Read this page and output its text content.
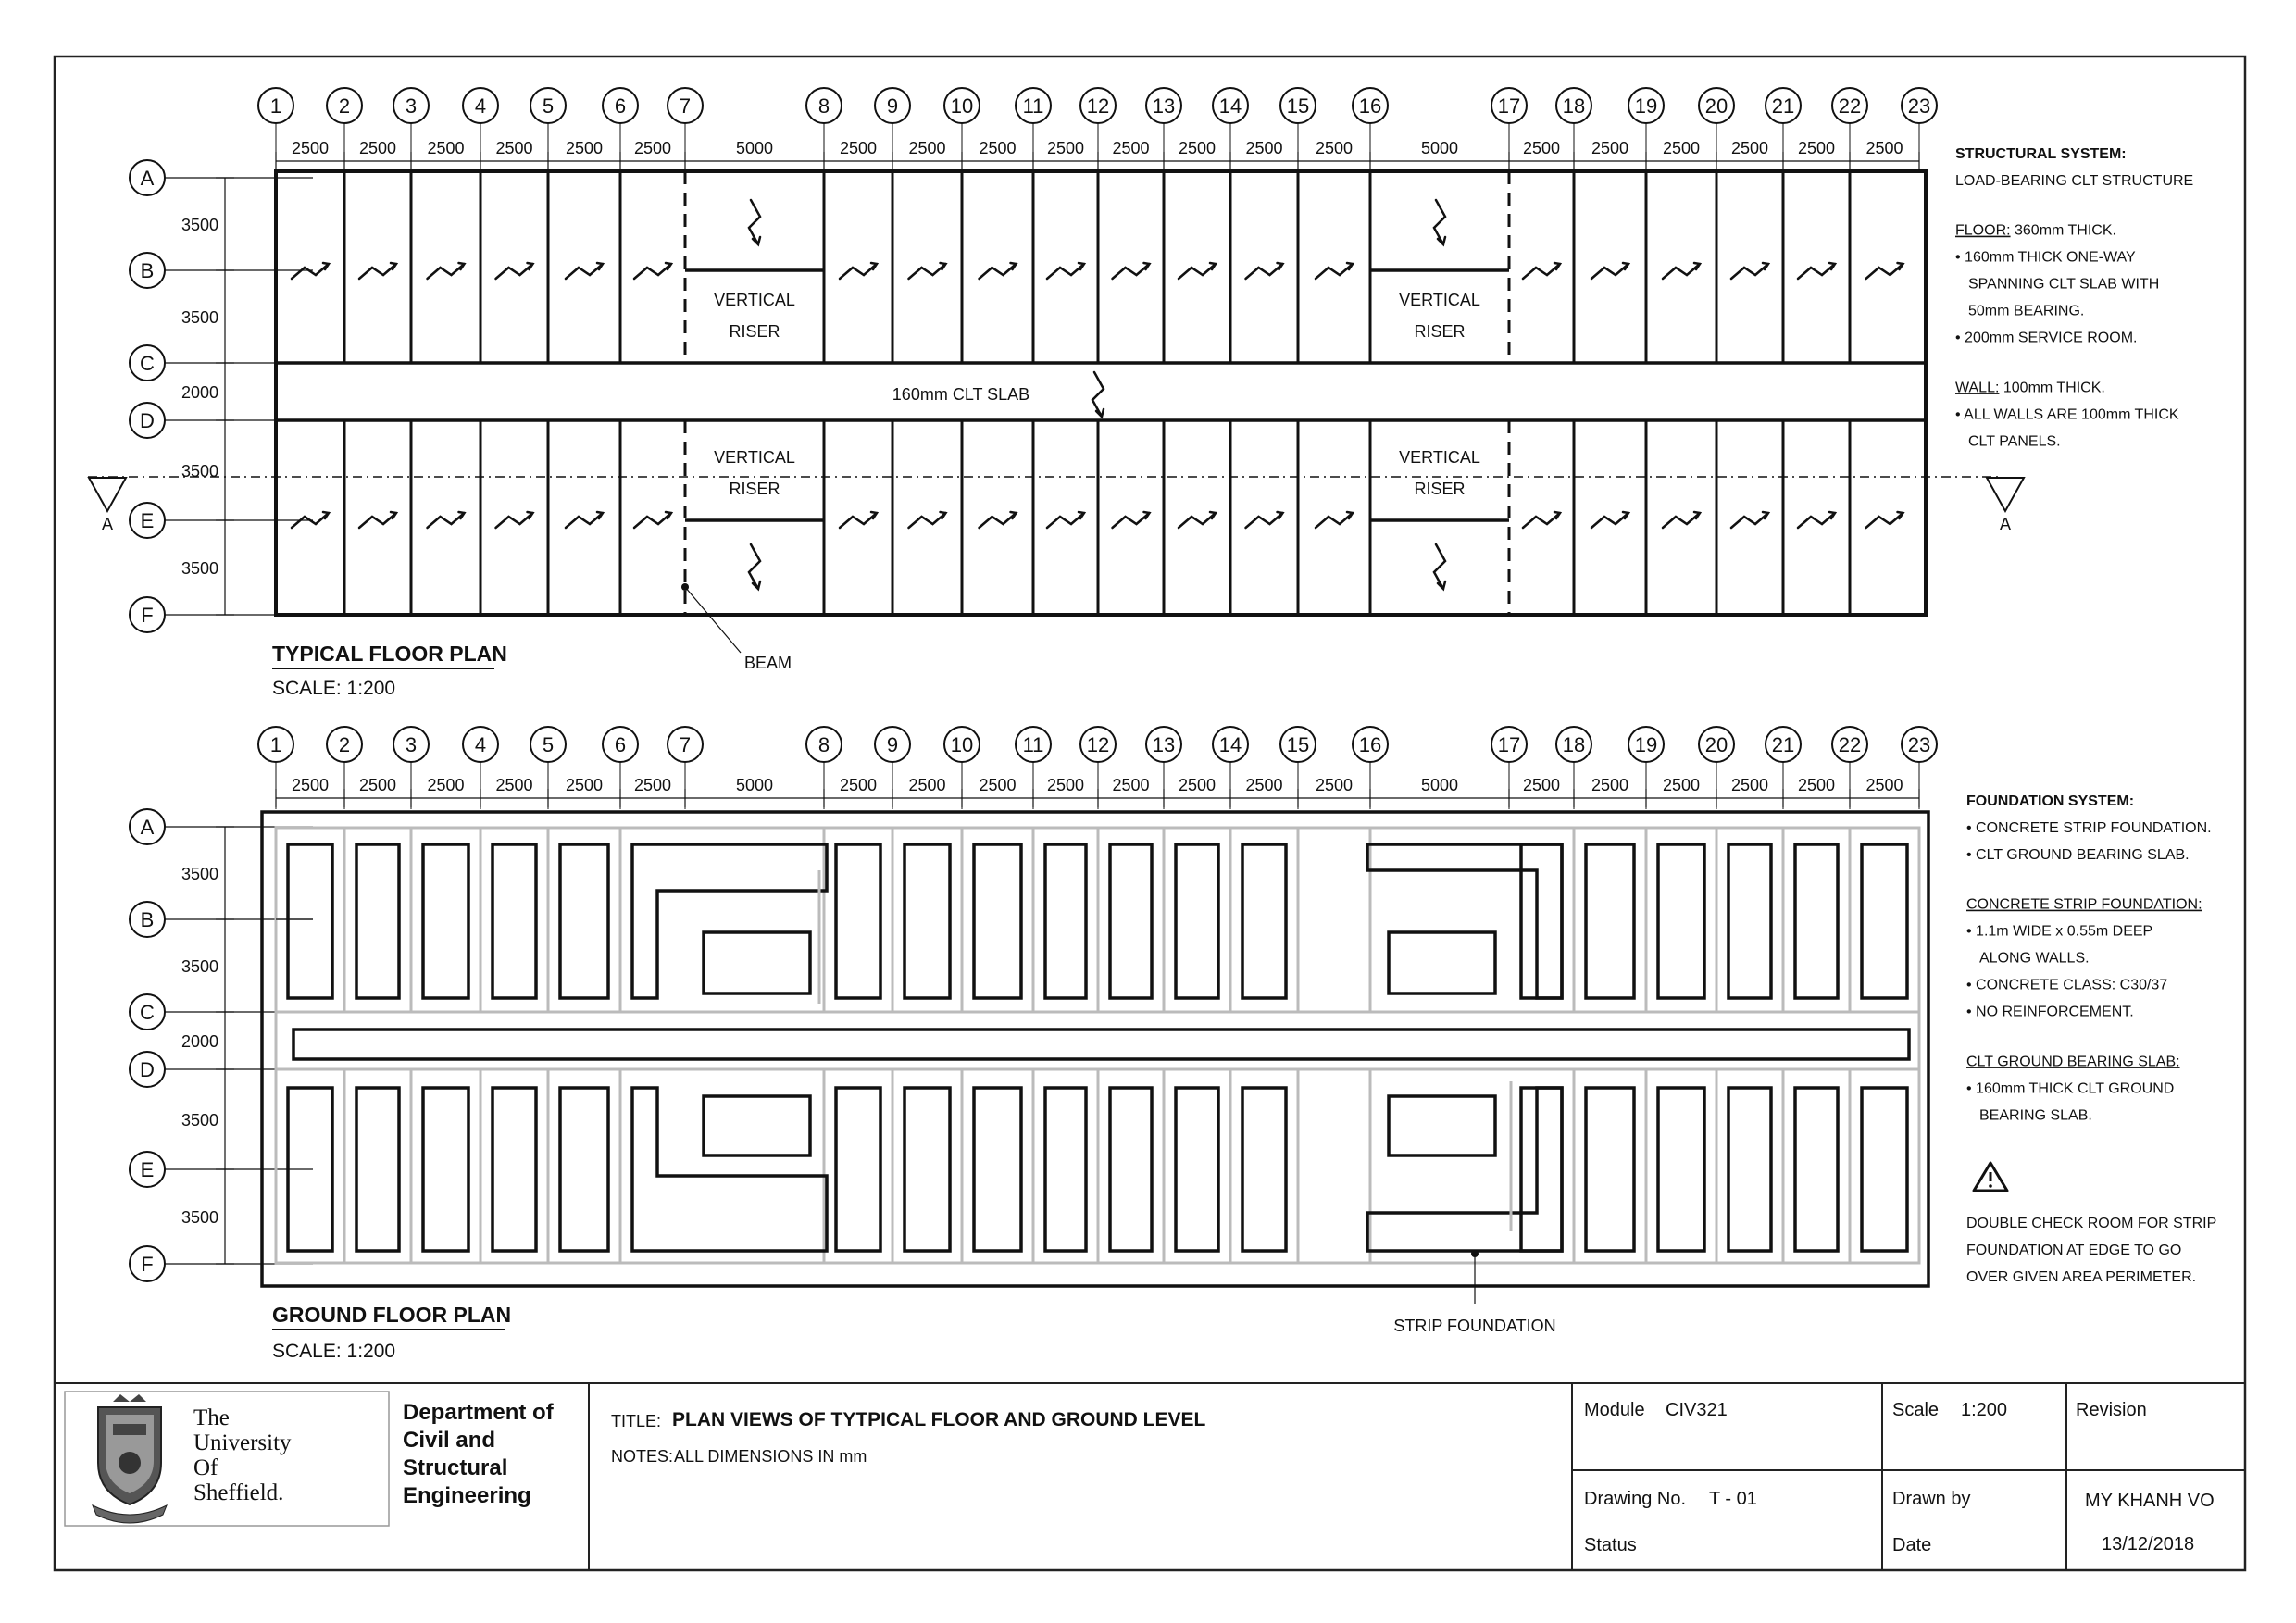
1	2	3	4	5	6	7	8	9	10 11 12 13 14 15 16	17 18 19 20 21 22 23
2500 2500 2500 2500 2500 2500	5000	2500 2500 2500 2500 2500 2500 2500 2500	5000	2500 2500 2500 2500 2500 2500
A
B
C
D
E
F
3500
3500
2000
3500
3500
VERTICAL
RISER
VERTICAL
RISER
VERTICAL
RISER
VERTICAL
RISER
160mm CLT SLAB
A	A
BEAM
TYPICAL FLOOR PLAN
SCALE: 1:200
1	2	3	4	5	6	7	8	9	10 11 12 13 14 15 16	17 18 19 20 21 22 23
2500 2500 2500 2500 2500 2500	5000	2500 2500 2500 2500 2500 2500 2500 2500	5000	2500 2500 2500 2500 2500 2500
A
B
C
D
E
F
3500
3500
2000
3500
3500
STRIP FOUNDATION
GROUND FLOOR PLAN
SCALE: 1:200
STRUCTURAL SYSTEM:
LOAD-BEARING CLT STRUCTURE
FLOOR: 360mm THICK.
• 160mm THICK ONE-WAY
SPANNING CLT SLAB WITH
50mm BEARING.
• 200mm SERVICE ROOM.
WALL: 100mm THICK.
• ALL WALLS ARE 100mm THICK
CLT PANELS.
FOUNDATION SYSTEM:
• CONCRETE STRIP FOUNDATION.
• CLT GROUND BEARING SLAB.
CONCRETE STRIP FOUNDATION:
• 1.1m WIDE x 0.55m DEEP
ALONG WALLS.
• CONCRETE CLASS: C30/37
• NO REINFORCEMENT.
CLT GROUND BEARING SLAB:
• 160mm THICK CLT GROUND
BEARING SLAB.
DOUBLE CHECK ROOM FOR STRIP
FOUNDATION AT EDGE TO GO
OVER GIVEN AREA PERIMETER.
The
University
Of
Sheffield.
Department of
Civil and
Structural
Engineering
TITLE: PLAN VIEWS OF TYTPICAL FLOOR AND GROUND LEVEL
NOTES: ALL DIMENSIONS IN mm
Module CIV321	Scale 1:200	Revision
Drawing No. T - 01	Drawn by	MY KHANH VO
Status	Date	13/12/2018
